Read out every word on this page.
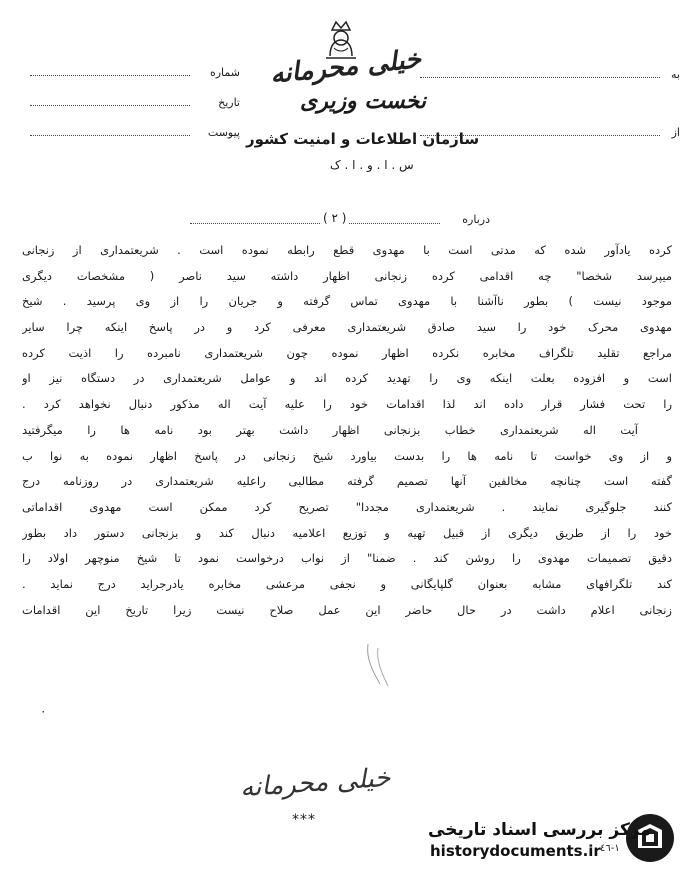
شماره
تاریخ
پیوست
به
از
خیلی محرمانه
نخست وزیری
سازمان اطلاعات و امنیت کشور
س . ا . و . ا . ک
درباره
( ۲ )
کرده یادآور شده که مدتی است با مهدوی قطع رابطه نموده است . شریعتمداری از زنجانی
میپرسد شخصا" چه اقدامی کرده زنجانی اظهار داشته سید ناصر ( مشخصات دیگری
موجود نیست ) بطور ناآشنا با مهدوی تماس گرفته و جریان را از وی پرسید . شیخ
مهدوی محرک خود را سید صادق شریعتمداری معرفی کرد و در پاسخ اینکه چرا سایر
مراجع تقلید تلگراف مخابره نکرده اظهار نموده چون شریعتمداری نامبرده را اذیت کرده
است و افزوده بعلت اینکه وی را تهدید کرده اند و عوامل شریعتمداری در دستگاه نیز او
را تحت فشار قرار داده اند لذا اقدامات خود را علیه آیت اله مذکور دنبال نخواهد کرد .
آیت اله شریعتمداری خطاب بزنجانی اظهار داشت بهتر بود نامه ها را میگرفتید
و از وی خواست تا نامه ها را بدست بیاورد شیخ زنجانی در پاسخ اظهار نموده به نوا ب
گفته است چنانچه مخالفین آنها تصمیم گرفته مطالبی راعلیه شریعتمداری در روزنامه درج
کنند جلوگیری نمایند . شریعتمداری مجددا" تصریح کرد ممکن است مهدوی اقداماتی
خود را از طریق دیگری از قبیل تهیه و توزیع اعلامیه دنبال کند و بزنجانی دستور داد بطور
دقیق تصمیمات مهدوی را روشن کند . ضمنا" از نواب درخواست نمود تا شیخ منوچهر اولاد را
کند تلگرافهای مشابه بعنوان گلپایگانی و نجفی مرعشی مخابره یادرجراید درج نماید .
زنجانی اعلام داشت در حال حاضر این عمل صلاح نیست زیرا تاریخ این اقدامات
٠
خیلی محرمانه
***	مرکز بررسی اسناد تاریخی
١-٤٦
historydocuments.ir
